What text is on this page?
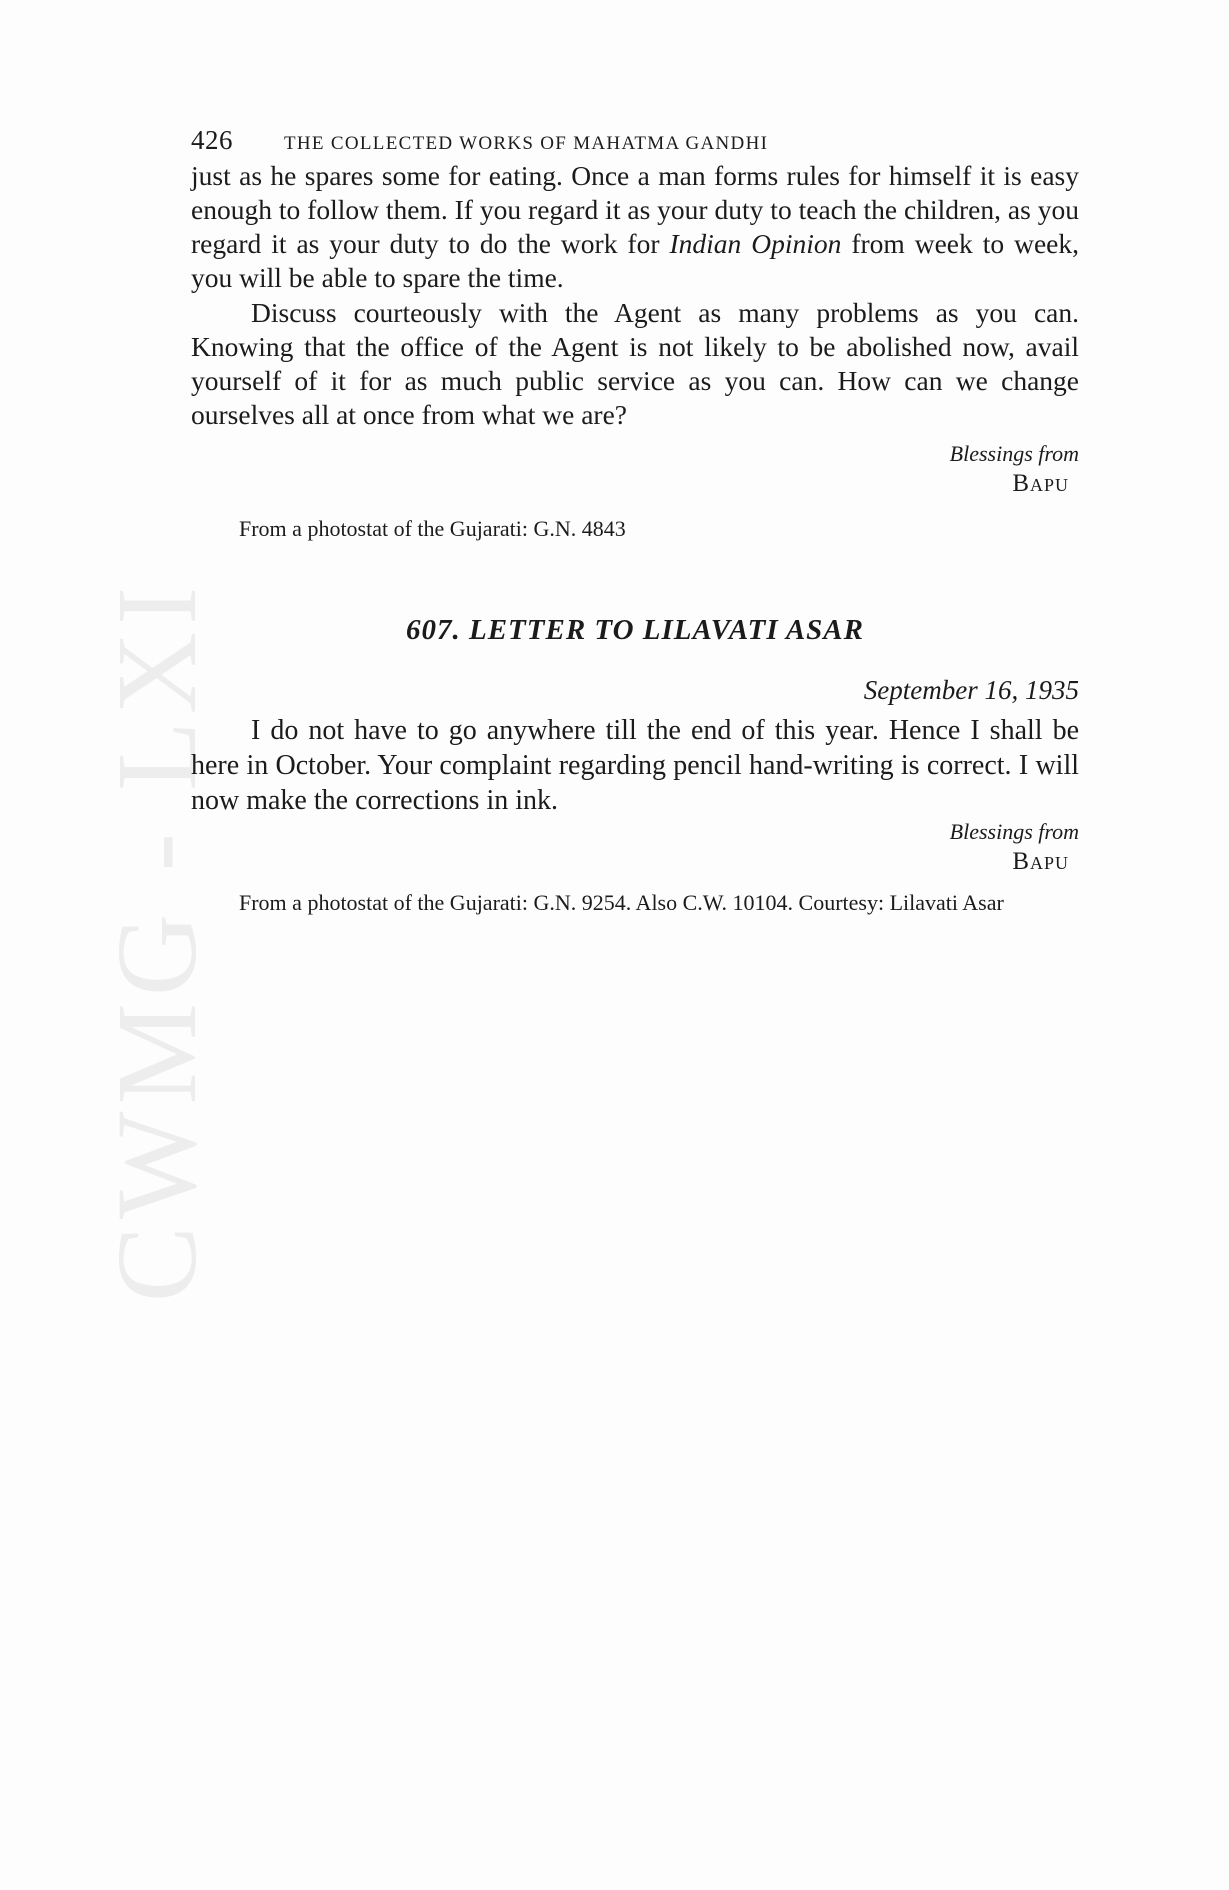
CWMG - LXI
426	THE COLLECTED WORKS OF MAHATMA GANDHI

just as he spares some for eating. Once a man forms rules for himself it is easy enough to follow them. If you regard it as your duty to teach the children, as you regard it as your duty to do the work for Indian Opinion from week to week, you will be able to spare the time.

Discuss courteously with the Agent as many problems as you can. Knowing that the office of the Agent is not likely to be abolished now, avail yourself of it for as much public service as you can. How can we change ourselves all at once from what we are?

Blessings from
Bapu

From a photostat of the Gujarati: G.N. 4843

607. LETTER TO LILAVATI ASAR
September 16, 1935

I do not have to go anywhere till the end of this year. Hence I shall be here in October. Your complaint regarding pencil hand-writing is correct. I will now make the corrections in ink.

Blessings from
Bapu

From a photostat of the Gujarati: G.N. 9254. Also C.W. 10104. Courtesy: Lilavati Asar
